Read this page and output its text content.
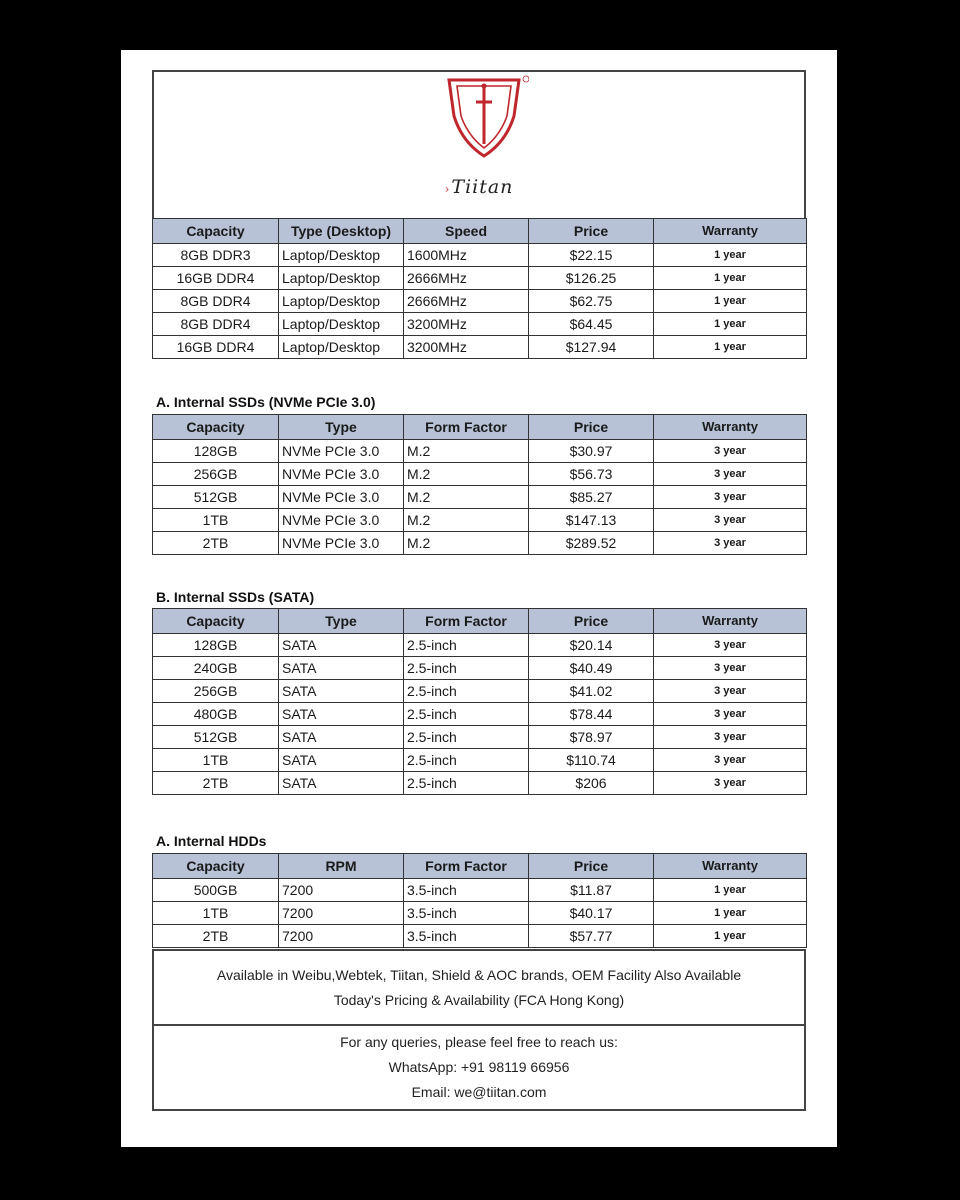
›Tiitan
Capacity	Type (Desktop)	Speed	Price	Warranty
8GB DDR3	Laptop/Desktop	1600MHz	$22.15	1 year
16GB DDR4	Laptop/Desktop	2666MHz	$126.25	1 year
8GB DDR4	Laptop/Desktop	2666MHz	$62.75	1 year
8GB DDR4	Laptop/Desktop	3200MHz	$64.45	1 year
16GB DDR4	Laptop/Desktop	3200MHz	$127.94	1 year
A. Internal SSDs (NVMe PCIe 3.0)
Capacity	Type	Form Factor	Price	Warranty
128GB	NVMe PCIe 3.0	M.2	$30.97	3 year
256GB	NVMe PCIe 3.0	M.2	$56.73	3 year
512GB	NVMe PCIe 3.0	M.2	$85.27	3 year
1TB	NVMe PCIe 3.0	M.2	$147.13	3 year
2TB	NVMe PCIe 3.0	M.2	$289.52	3 year
B. Internal SSDs (SATA)
Capacity	Type	Form Factor	Price	Warranty
128GB	SATA	2.5-inch	$20.14	3 year
240GB	SATA	2.5-inch	$40.49	3 year
256GB	SATA	2.5-inch	$41.02	3 year
480GB	SATA	2.5-inch	$78.44	3 year
512GB	SATA	2.5-inch	$78.97	3 year
1TB	SATA	2.5-inch	$110.74	3 year
2TB	SATA	2.5-inch	$206	3 year
A. Internal HDDs
Capacity	RPM	Form Factor	Price	Warranty
500GB	7200	3.5-inch	$11.87	1 year
1TB	7200	3.5-inch	$40.17	1 year
2TB	7200	3.5-inch	$57.77	1 year
Available in Weibu,Webtek, Tiitan, Shield & AOC brands, OEM Facility Also Available
Today's Pricing & Availability (FCA Hong Kong)
For any queries, please feel free to reach us:
WhatsApp: +91 98119 66956
Email: we@tiitan.com
